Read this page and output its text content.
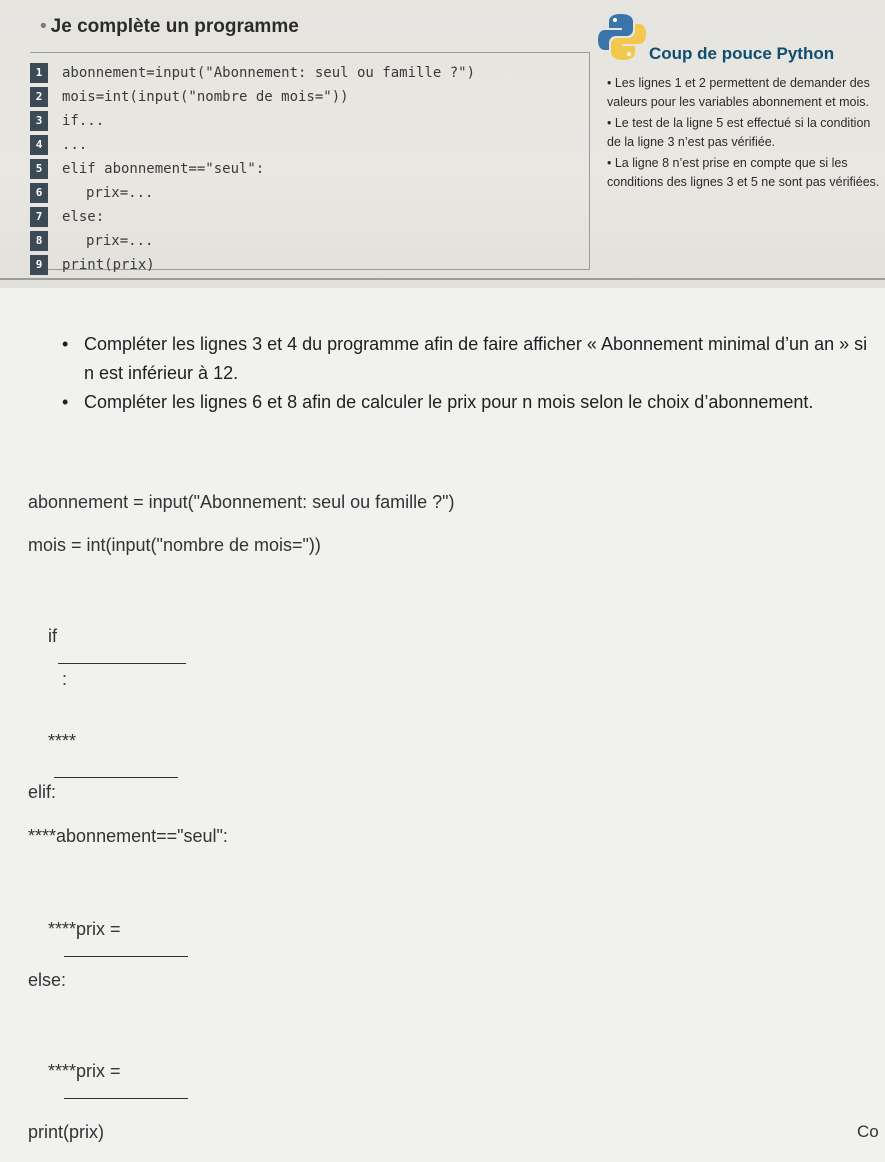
• Je complète un programme
1	abonnement=input("Abonnement: seul ou famille ?")
2	mois=int(input("nombre de mois="))
3	if...
4	...
5	elif abonnement=="seul":
6	prix=...
7	else:
8	prix=...
9	print(prix)
Coup de pouce Python

• Les lignes 1 et 2 permettent de demander des valeurs pour les variables abonnement et mois.

• Le test de la ligne 5 est effectué si la condition de la ligne 3 n’est pas vérifiée.

• La ligne 8 n’est prise en compte que si les conditions des lignes 3 et 5 ne sont pas vérifiées.

• Compléter les lignes 3 et 4 du programme afin de faire afficher « Abonnement minimal d’un an » si n est inférieur à 12.
• Compléter les lignes 6 et 8 afin de calculer le prix pour n mois selon le choix d’abonnement.
abonnement = input("Abonnement: seul ou famille ?")
mois = int(input("nombre de mois="))

if

:

****

elif:
****abonnement=="seul":

****prix =

else:

****prix =

print(prix)	Co
